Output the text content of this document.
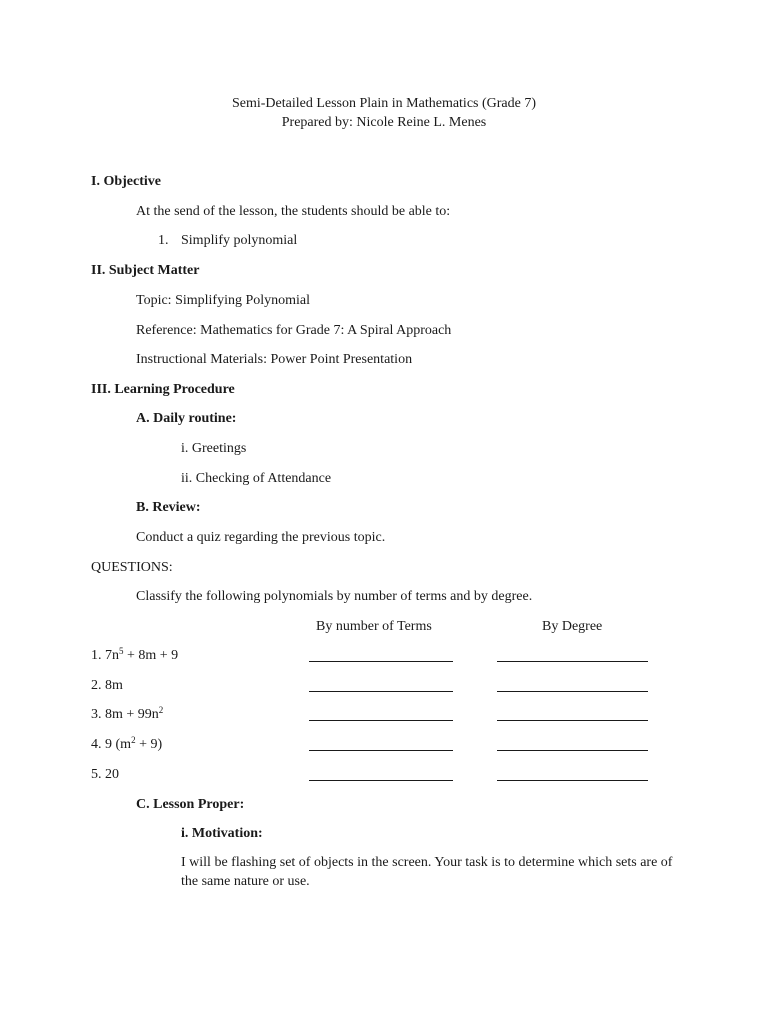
Semi-Detailed Lesson Plain in Mathematics (Grade 7)
Prepared by: Nicole Reine L. Menes
I. Objective
At the send of the lesson, the students should be able to:
1. Simplify polynomial
II. Subject Matter
Topic: Simplifying Polynomial
Reference: Mathematics for Grade 7: A Spiral Approach
Instructional Materials: Power Point Presentation
III. Learning Procedure
A. Daily routine:
i. Greetings
ii. Checking of Attendance
B. Review:
Conduct a quiz regarding the previous topic.
QUESTIONS:
Classify the following polynomials by number of terms and by degree.
By number of Terms	By Degree
1. $7n^5 + 8m + 9$
2. 8m
3. $8m + 99n^2$
4. 9 $(m^2 + 9)$
5. 20
C. Lesson Proper:
i. Motivation:
I will be flashing set of objects in the screen. Your task is to determine which sets are of the same nature or use.
